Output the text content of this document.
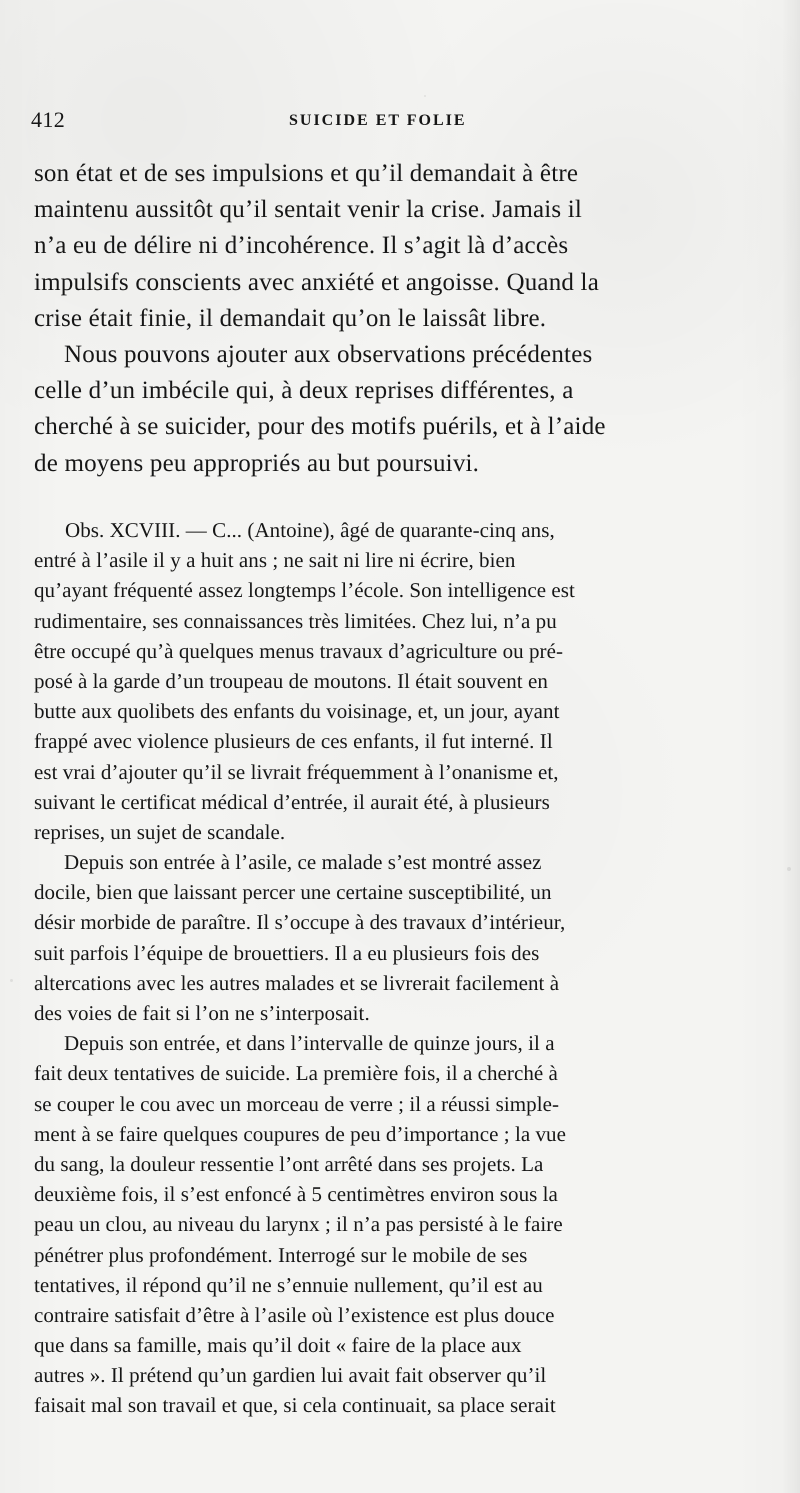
412	SUICIDE ET FOLIE
son état et de ses impulsions et qu’il demandait à être
maintenu aussitôt qu’il sentait venir la crise. Jamais il
n’a eu de délire ni d’incohérence. Il s’agit là d’accès
impulsifs conscients avec anxiété et angoisse. Quand la
crise était finie, il demandait qu’on le laissât libre.
Nous pouvons ajouter aux observations précédentes
celle d’un imbécile qui, à deux reprises différentes, a
cherché à se suicider, pour des motifs puérils, et à l’aide
de moyens peu appropriés au but poursuivi.
Obs. XCVIII. — C... (Antoine), âgé de quarante-cinq ans,
entré à l’asile il y a huit ans ; ne sait ni lire ni écrire, bien
qu’ayant fréquenté assez longtemps l’école. Son intelligence est
rudimentaire, ses connaissances très limitées. Chez lui, n’a pu
être occupé qu’à quelques menus travaux d’agriculture ou pré-
posé à la garde d’un troupeau de moutons. Il était souvent en
butte aux quolibets des enfants du voisinage, et, un jour, ayant
frappé avec violence plusieurs de ces enfants, il fut interné. Il
est vrai d’ajouter qu’il se livrait fréquemment à l’onanisme et,
suivant le certificat médical d’entrée, il aurait été, à plusieurs
reprises, un sujet de scandale.
Depuis son entrée à l’asile, ce malade s’est montré assez
docile, bien que laissant percer une certaine susceptibilité, un
désir morbide de paraître. Il s’occupe à des travaux d’intérieur,
suit parfois l’équipe de brouettiers. Il a eu plusieurs fois des
altercations avec les autres malades et se livrerait facilement à
des voies de fait si l’on ne s’interposait.
Depuis son entrée, et dans l’intervalle de quinze jours, il a
fait deux tentatives de suicide. La première fois, il a cherché à
se couper le cou avec un morceau de verre ; il a réussi simple-
ment à se faire quelques coupures de peu d’importance ; la vue
du sang, la douleur ressentie l’ont arrêté dans ses projets. La
deuxième fois, il s’est enfoncé à 5 centimètres environ sous la
peau un clou, au niveau du larynx ; il n’a pas persisté à le faire
pénétrer plus profondément. Interrogé sur le mobile de ses
tentatives, il répond qu’il ne s’ennuie nullement, qu’il est au
contraire satisfait d’être à l’asile où l’existence est plus douce
que dans sa famille, mais qu’il doit « faire de la place aux
autres ». Il prétend qu’un gardien lui avait fait observer qu’il
faisait mal son travail et que, si cela continuait, sa place serait
